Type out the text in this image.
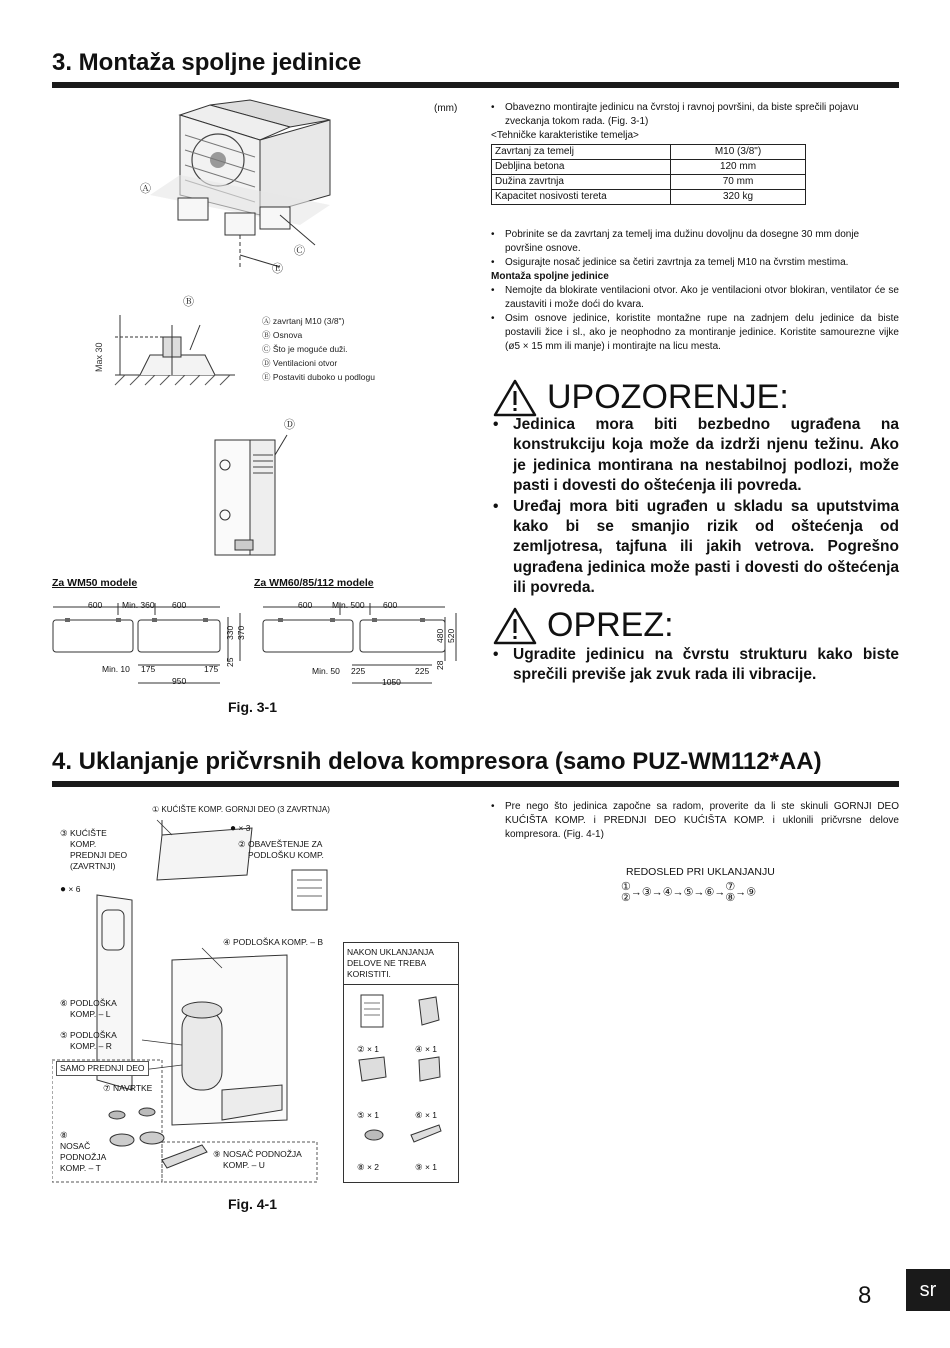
3. Montaža spoljne jedinice
(mm)
Ⓐ
Ⓒ
Ⓔ
Max 30
Ⓑ
Ⓐ zavrtanj M10 (3/8")
Ⓑ Osnova
Ⓒ Što je moguće duži.
Ⓓ Ventilacioni otvor
Ⓔ Postaviti duboko u podlogu
Ⓓ
Za WM50 modele	Za WM60/85/112 modele
600 Min. 360 600
330 370
25
Min. 10 175	175
950
600 Min. 500 600
480 520
28
Min. 50 225	225
1050
Fig. 3-1
• Obavezno montirajte jedinicu na čvrstoj i ravnoj površini, da biste sprečili pojavu zveckanja tokom rada. (Fig. 3-1)
<Tehničke karakteristike temelja>
Zavrtanj za temelj	M10 (3/8")
Debljina betona	120 mm
Dužina zavrtnja	70 mm
Kapacitet nosivosti tereta	320 kg
• Pobrinite se da zavrtanj za temelj ima dužinu dovoljnu da dosegne 30 mm donje površine osnove.
• Osigurajte nosač jedinice sa četiri zavrtnja za temelj M10 na čvrstim mestima.
Montaža spoljne jedinice
• Nemojte da blokirate ventilacioni otvor. Ako je ventilacioni otvor blokiran, ventilator će se zaustaviti i može doći do kvara.
• Osim osnove jedinice, koristite montažne rupe na zadnjem delu jedinice da biste postavili žice i sl., ako je neophodno za montiranje jedinice. Koristite samourezne vijke (ø5 × 15 mm ili manje) i montirajte na licu mesta.
UPOZORENJE:
• Jedinica mora biti bezbedno ugrađena na konstrukciju koja može da izdrži njenu težinu. Ako je jedinica montirana na nestabilnoj podlozi, može pasti i dovesti do oštećenja ili povreda.
• Uređaj mora biti ugrađen u skladu sa uputstvima kako bi se smanjio rizik od oštećenja od zemljotresa, tajfuna ili jakih vetrova. Pogrešno ugrađena jedinica može pasti i dovesti do oštećenja ili povreda.
OPREZ:
• Ugradite jedinicu na čvrstu strukturu kako biste sprečili previše jak zvuk rada ili vibracije.
4. Uklanjanje pričvrsnih delova kompresora (samo PUZ-WM112*AA)
• Pre nego što jedinica započne sa radom, proverite da li ste skinuli GORNJI DEO KUĆIŠTA KOMP. i PREDNJI DEO KUĆIŠTA KOMP. i uklonili pričvrsne delove kompresora. (Fig. 4-1)
REDOSLED PRI UKLANJANJU
①
②→③→④→⑤→⑥→⑦
⑧→⑨
① KUĆIŠTE KOMP. GORNJI DEO (3 ZAVRTNJA)
● × 3
③ KUĆIŠTE
KOMP.
PREDNJI DEO
(ZAVRTNJI)
● × 6
② OBAVEŠTENJE ZA
PODLOŠKU KOMP.
④ PODLOŠKA KOMP. – B
⑥ PODLOŠKA
KOMP. – L
⑤ PODLOŠKA
KOMP. – R
SAMO PREDNJI DEO
⑦ NAVRTKE
⑧
NOSAČ
PODNOŽJA
KOMP. – T
⑨ NOSAČ PODNOŽJA
KOMP. – U
NAKON UKLANJANJA DELOVE NE TREBA KORISTITI.
② × 1	④ × 1
⑤ × 1	⑥ × 1
⑧ × 2	⑨ × 1
Fig. 4-1
8	sr
